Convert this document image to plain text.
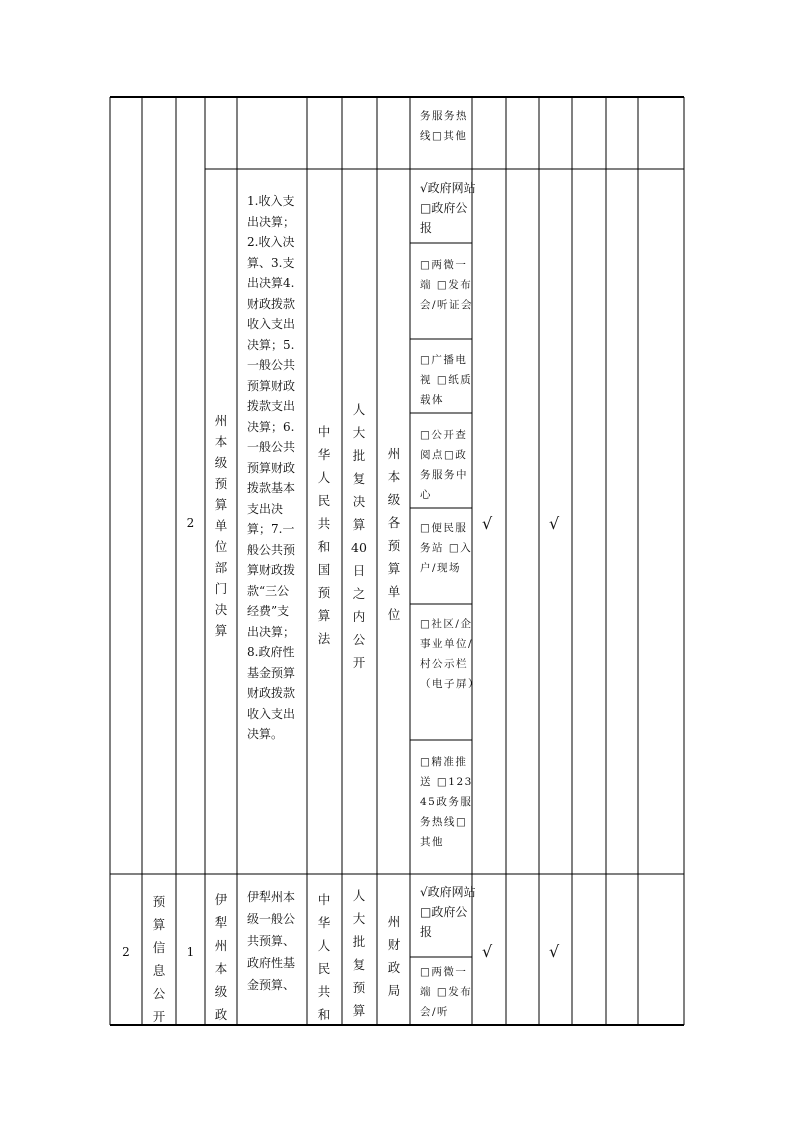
务服务热线□其他
2
州本级预算单位部门决算
1.收入支出决算；2.收入决算、3.支出决算4.财政拨款收入支出决算；5.一般公共预算财政拨款支出决算；6.一般公共预算财政拨款基本支出决算；7.一般公共预算财政拨款“三公经费”支出决算；8.政府性基金预算财政拨款收入支出决算。
中华人民共和国预算法
人大批复决算40日之内公开
州本级各预算单位
√政府网站 □政府公报
□两微一端 □发布会/听证会
□广播电视 □纸质载体
□公开查阅点□政务服务中心
□便民服务站 □入户/现场
□社区/企事业单位/村公示栏（电子屏）
□精准推送 □12345政务服务热线□其他
√	√
2
预算信息公开
1
伊犁州本级政
伊犁州本级一般公共预算、政府性基金预算、
中华人民共和
人大批复预算
州财政局
√政府网站 □政府公报
□两微一端 □发布会/听
√	√
